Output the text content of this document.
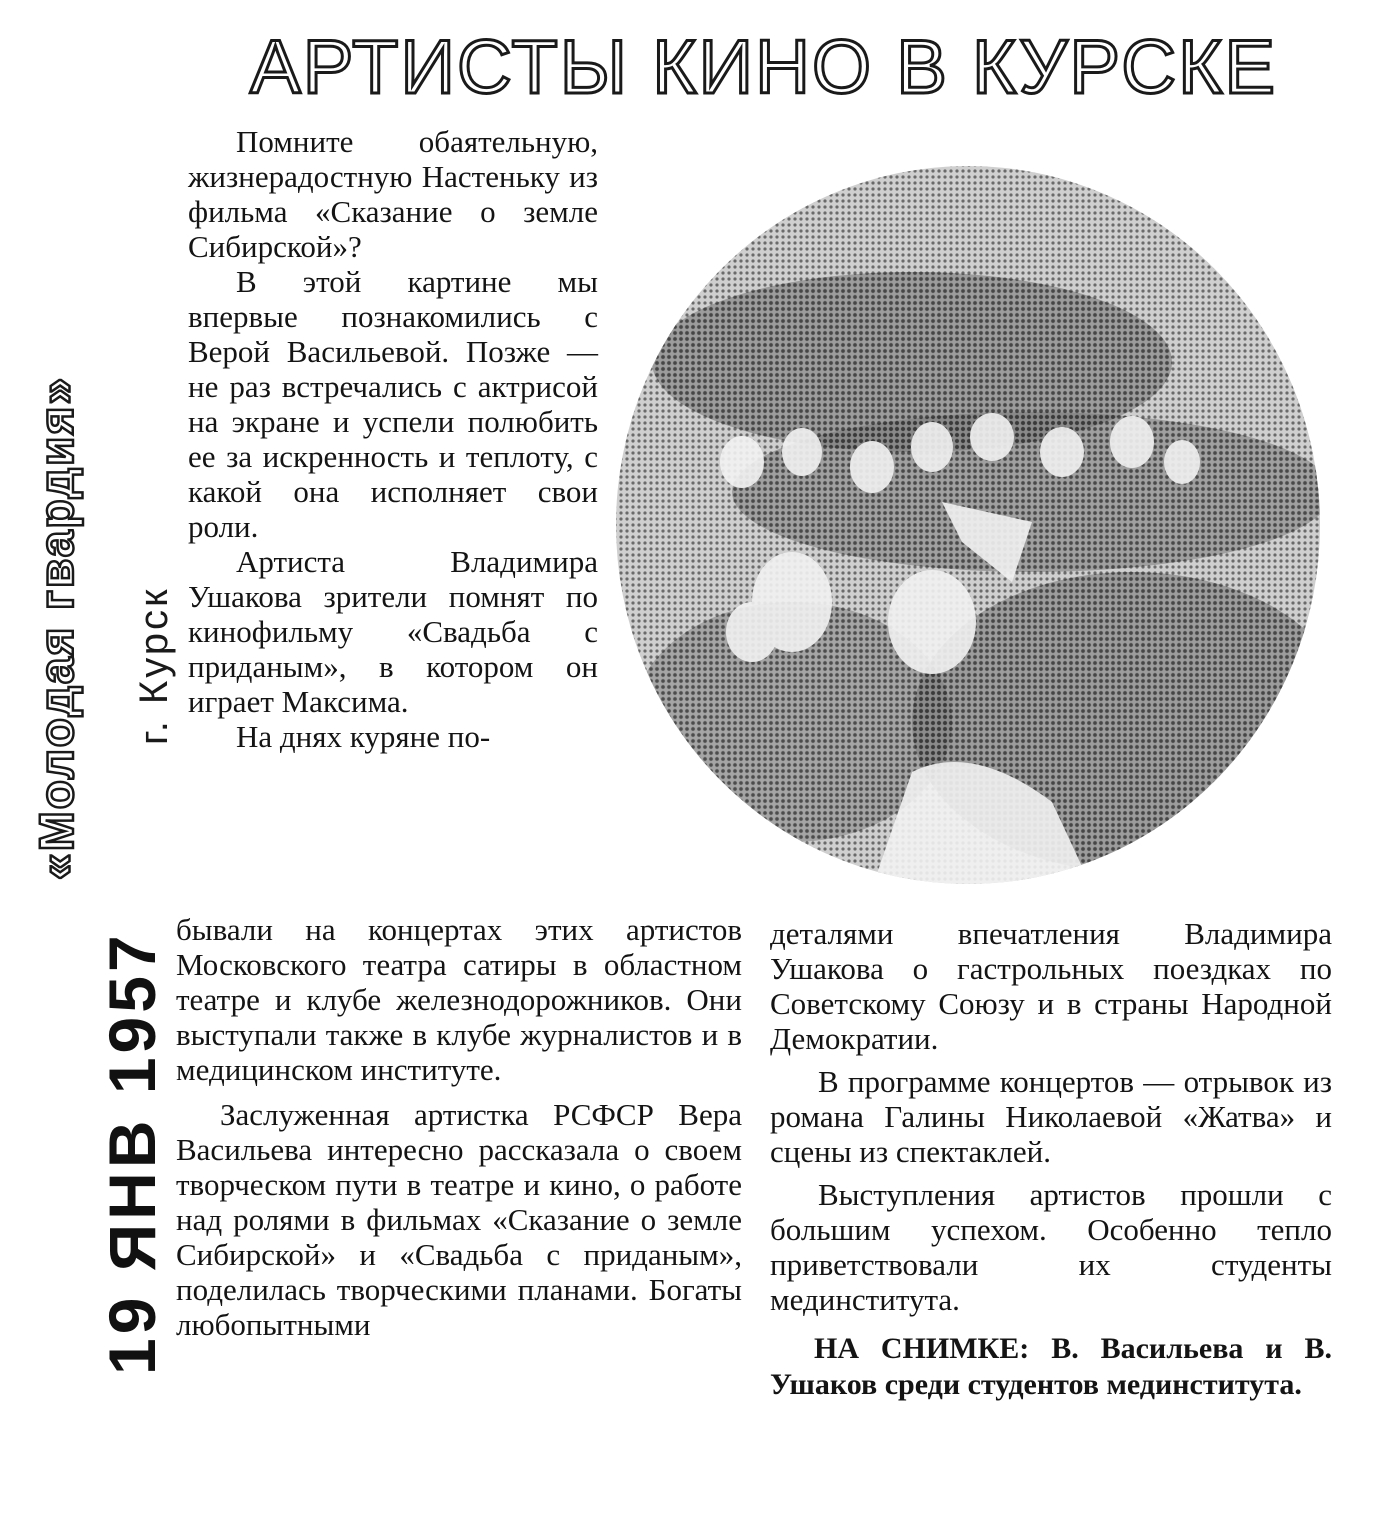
АРТИСТЫ КИНО В КУРСКЕ
«Молодая гвардия» г. Курск
19 ЯНВ 1957

Помните обаятельную, жизнерадостную Настеньку из фильма «Сказание о земле Сибирской»?

В этой картине мы впервые познакомились с Верой Васильевой. Позже — не раз встречались с актрисой на экране и успели полюбить ее за искренность и теплоту, с какой она исполняет свои роли.

Артиста Владимира Ушакова зрители помнят по кинофильму «Свадьба с приданым», в котором он играет Максима.

На днях куряне по-

бывали на концертах этих артистов Московского театра сатиры в областном театре и клубе железнодорожников. Они выступали также в клубе журналистов и в медицинском институте.

Заслуженная артистка РСФСР Вера Васильева интересно рассказала о своем творческом пути в театре и кино, о работе над ролями в фильмах «Сказание о земле Сибирской» и «Свадьба с приданым», поделилась творческими планами. Богаты любопытными

деталями впечатления Владимира Ушакова о гастрольных поездках по Советскому Союзу и в страны Народной Демократии.

В программе концертов — отрывок из романа Галины Николаевой «Жатва» и сцены из спектаклей.

Выступления артистов прошли с большим успехом. Особенно тепло приветствовали их студенты мединститута.

НА СНИМКЕ: В. Васильева и В. Ушаков среди студентов мединститута.
